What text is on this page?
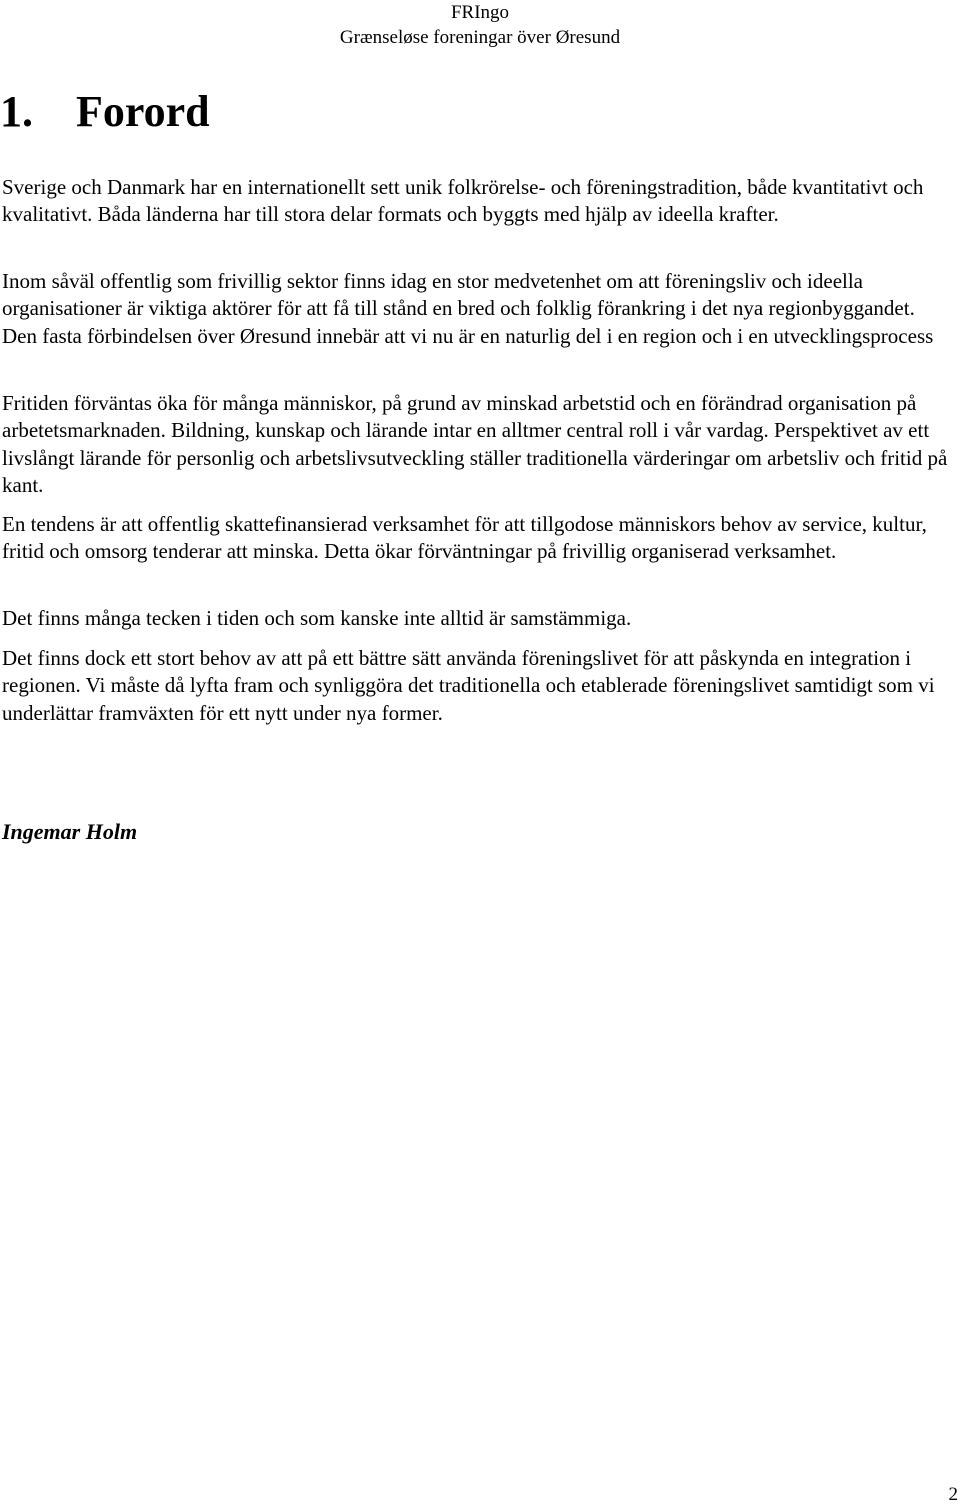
FRIngo
Grænseløse foreningar över Øresund
1. Forord

Sverige och Danmark har en internationellt sett unik folkrörelse- och föreningstradition, både kvantitativt och kvalitativt. Båda länderna har till stora delar formats och byggts med hjälp av ideella krafter.

Inom såväl offentlig som frivillig sektor finns idag en stor medvetenhet om att föreningsliv och ideella organisationer är viktiga aktörer för att få till stånd en bred och folklig förankring i det nya regionbyggandet. Den fasta förbindelsen över Øresund innebär att vi nu är en naturlig del i en region och i en utvecklingsprocess

Fritiden förväntas öka för många människor, på grund av minskad arbetstid och en förändrad organisation på arbetetsmarknaden. Bildning, kunskap och lärande intar en alltmer central roll i vår vardag. Perspektivet av ett livslångt lärande för personlig och arbetslivsutveckling ställer traditionella värderingar om arbetsliv och fritid på kant.

En tendens är att offentlig skattefinansierad verksamhet för att tillgodose människors behov av service, kultur, fritid och omsorg tenderar att minska. Detta ökar förväntningar på frivillig organiserad verksamhet.

Det finns många tecken i tiden och som kanske inte alltid är samstämmiga.

Det finns dock ett stort behov av att på ett bättre sätt använda föreningslivet för att påskynda en integration i regionen. Vi måste då lyfta fram och synliggöra det traditionella och etablerade föreningslivet samtidigt som vi underlättar framväxten för ett nytt under nya former.

Ingemar Holm

2
